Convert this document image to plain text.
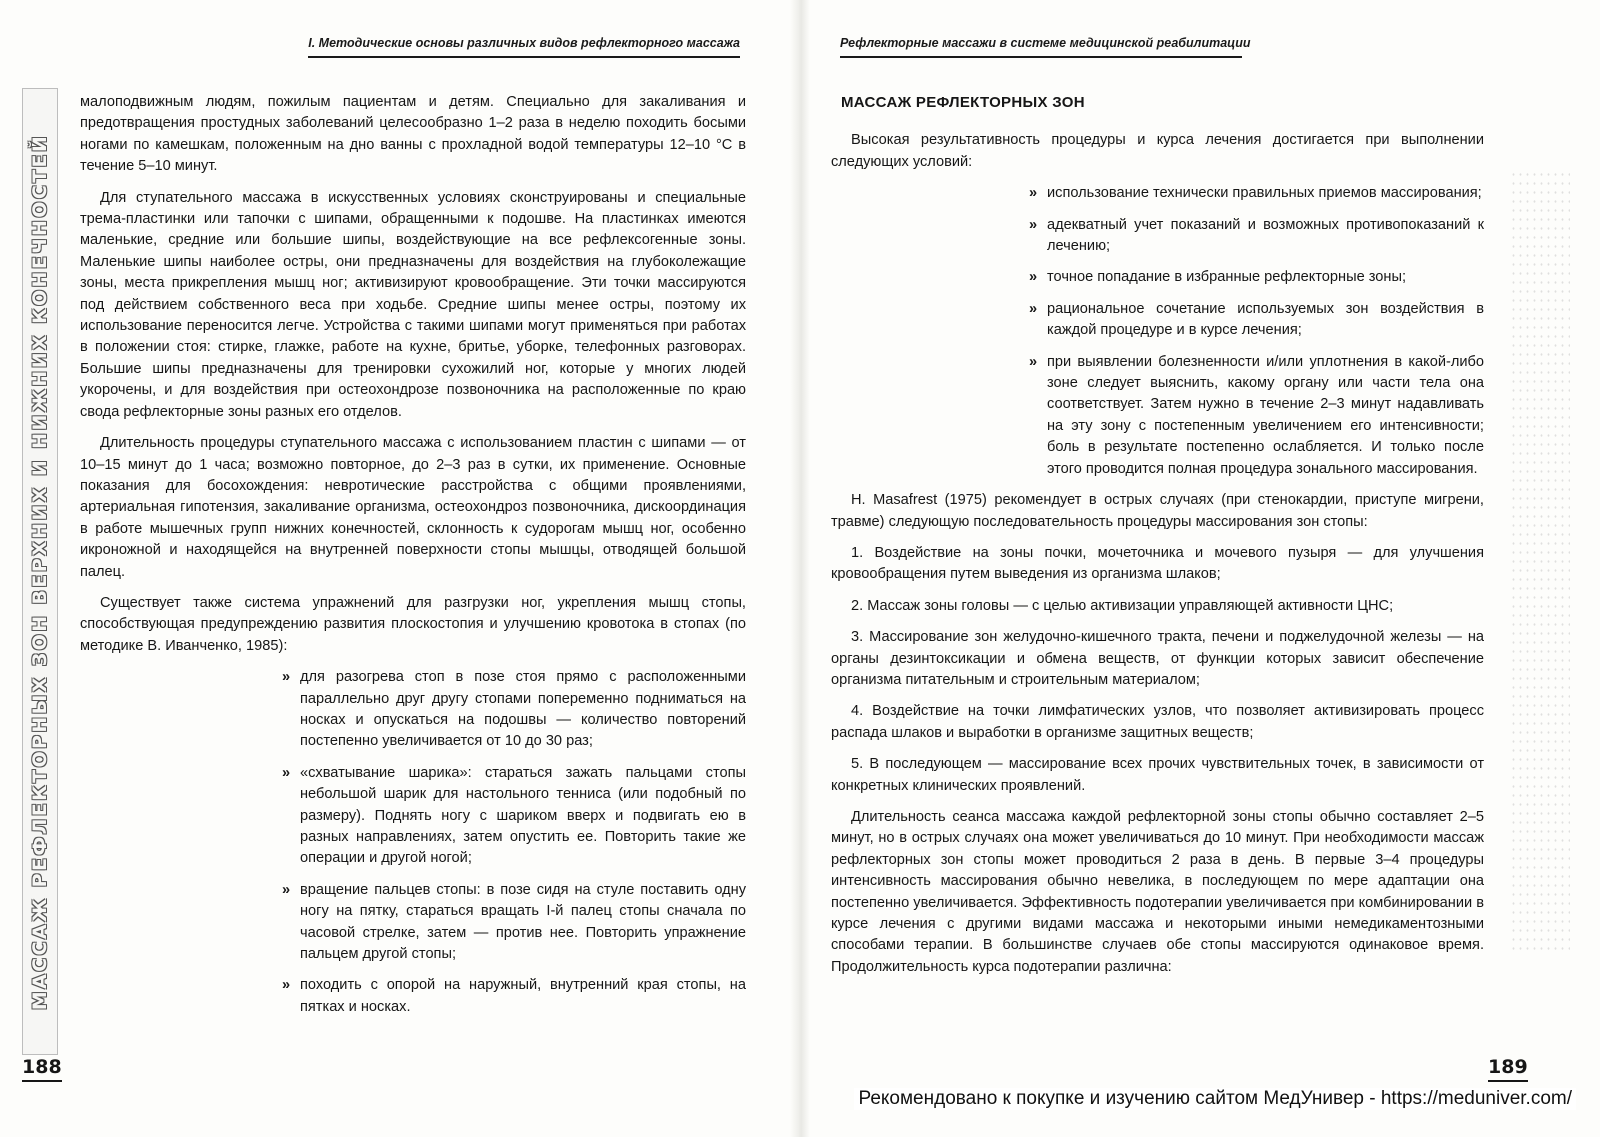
I. Методические основы различных видов рефлекторного массажа
МАССАЖ РЕФЛЕКТОРНЫХ ЗОН ВЕРХНИХ И НИЖНИХ КОНЕЧНОСТЕЙ

малоподвижным людям, пожилым пациентам и детям. Специально для закаливания и предотвращения простудных заболеваний целесообразно 1–2 раза в неделю походить босыми ногами по камешкам, положенным на дно ванны с прохладной водой температуры 12–10 °С в течение 5–10 минут.

Для ступательного массажа в искусственных условиях сконструированы и специальные трема-пластинки или тапочки с шипами, обращенными к подошве. На пластинках имеются маленькие, средние или большие шипы, воздействующие на все рефлексогенные зоны. Маленькие шипы наиболее остры, они предназначены для воздействия на глубоколежащие зоны, места прикрепления мышц ног; активизируют кровообращение. Эти точки массируются под действием собственного веса при ходьбе. Средние шипы менее остры, поэтому их использование переносится легче. Устройства с такими шипами могут применяться при работах в положении стоя: стирке, глажке, работе на кухне, бритье, уборке, телефонных разговорах. Большие шипы предназначены для тренировки сухожилий ног, которые у многих людей укорочены, и для воздействия при остеохондрозе позвоночника на расположенные по краю свода рефлекторные зоны разных его отделов.

Длительность процедуры ступательного массажа с использованием пластин с шипами — от 10–15 минут до 1 часа; возможно повторное, до 2–3 раз в сутки, их применение. Основные показания для босохождения: невротические расстройства с общими проявлениями, артериальная гипотензия, закаливание организма, остеохондроз позвоночника, дискоординация в работе мышечных групп нижних конечностей, склонность к судорогам мышц ног, особенно икроножной и находящейся на внутренней поверхности стопы мышцы, отводящей большой палец.

Существует также система упражнений для разгрузки ног, укрепления мышц стопы, способствующая предупреждению развития плоскостопия и улучшению кровотока в стопах (по методике В. Иванченко, 1985):

» для разогрева стоп в позе стоя прямо с расположенными параллельно друг другу стопами попеременно подниматься на носках и опускаться на подошвы — количество повторений постепенно увеличивается от 10 до 30 раз;
» «схватывание шарика»: стараться зажать пальцами стопы небольшой шарик для настольного тенниса (или подобный по размеру). Поднять ногу с шариком вверх и подвигать ею в разных направлениях, затем опустить ее. Повторить такие же операции и другой ногой;
» вращение пальцев стопы: в позе сидя на стуле поставить одну ногу на пятку, стараться вращать I-й палец стопы сначала по часовой стрелке, затем — против нее. Повторить упражнение пальцем другой стопы;
» походить с опорой на наружный, внутренний края стопы, на пятках и носках.
188
Рефлекторные массажи в системе медицинской реабилитации
МАССАЖ РЕФЛЕКТОРНЫХ ЗОН

Высокая результативность процедуры и курса лечения достигается при выполнении следующих условий:

» использование технически правильных приемов массирования;
» адекватный учет показаний и возможных противопоказаний к лечению;
» точное попадание в избранные рефлекторные зоны;
» рациональное сочетание используемых зон воздействия в каждой процедуре и в курсе лечения;
» при выявлении болезненности и/или уплотнения в какой-либо зоне следует выяснить, какому органу или части тела она соответствует. Затем нужно в течение 2–3 минут надавливать на эту зону с постепенным увеличением его интенсивности; боль в результате постепенно ослабляется. И только после этого проводится полная процедура зонального массирования.

H. Masafrest (1975) рекомендует в острых случаях (при стенокардии, приступе мигрени, травме) следующую последовательность процедуры массирования зон стопы:

1. Воздействие на зоны почки, мочеточника и мочевого пузыря — для улучшения кровообращения путем выведения из организма шлаков;

2. Массаж зоны головы — с целью активизации управляющей активности ЦНС;

3. Массирование зон желудочно-кишечного тракта, печени и поджелудочной железы — на органы дезинтоксикации и обмена веществ, от функции которых зависит обеспечение организма питательным и строительным материалом;

4. Воздействие на точки лимфатических узлов, что позволяет активизировать процесс распада шлаков и выработки в организме защитных веществ;

5. В последующем — массирование всех прочих чувствительных точек, в зависимости от конкретных клинических проявлений.

Длительность сеанса массажа каждой рефлекторной зоны стопы обычно составляет 2–5 минут, но в острых случаях она может увеличиваться до 10 минут. При необходимости массаж рефлекторных зон стопы может проводиться 2 раза в день. В первые 3–4 процедуры интенсивность массирования обычно невелика, в последующем по мере адаптации она постепенно увеличивается. Эффективность подотерапии увеличивается при комбинировании в курсе лечения с другими видами массажа и некоторыми иными немедикаментозными способами терапии. В большинстве случаев обе стопы массируются одинаковое время. Продолжительность курса подотерапии различна:

189
Рекомендовано к покупке и изучению сайтом МедУнивер - https://meduniver.com/
